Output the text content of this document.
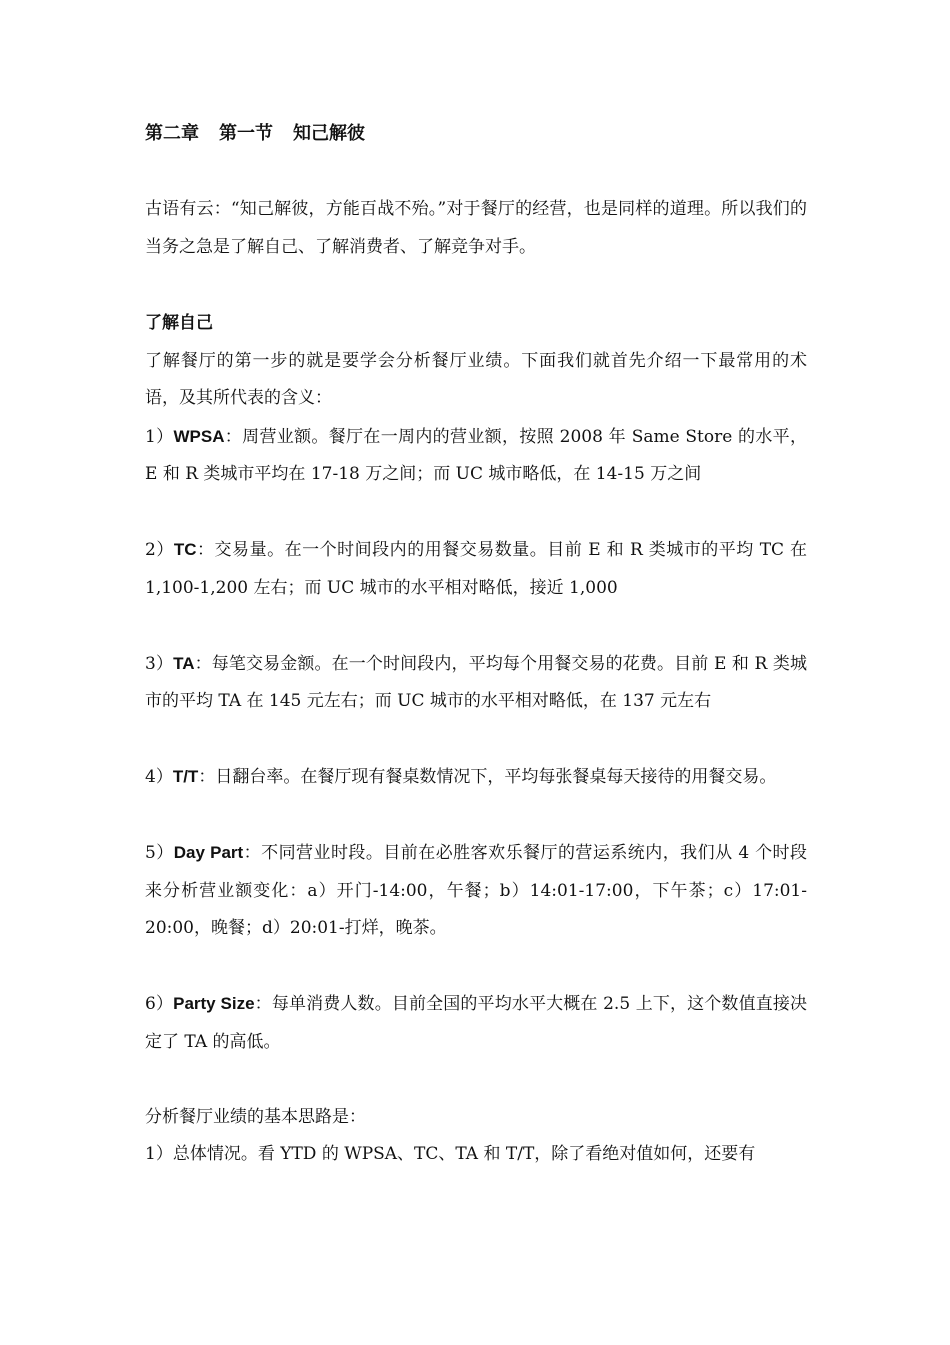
第二章 第一节 知己解彼

古语有云：“知己解彼，方能百战不殆。”对于餐厅的经营，也是同样的道理。所以我们的当务之急是了解自己、了解消费者、了解竞争对手。

了解自己

了解餐厅的第一步的就是要学会分析餐厅业绩。下面我们就首先介绍一下最常用的术语，及其所代表的含义：

1）WPSA：周营业额。餐厅在一周内的营业额，按照 2008 年 Same Store 的水平，E 和 R 类城市平均在 17-18 万之间；而 UC 城市略低，在 14-15 万之间

2）TC：交易量。在一个时间段内的用餐交易数量。目前 E 和 R 类城市的平均 TC 在 1,100-1,200 左右；而 UC 城市的水平相对略低，接近 1,000

3）TA：每笔交易金额。在一个时间段内，平均每个用餐交易的花费。目前 E 和 R 类城市的平均 TA 在 145 元左右；而 UC 城市的水平相对略低，在 137 元左右

4）T/T：日翻台率。在餐厅现有餐桌数情况下，平均每张餐桌每天接待的用餐交易。

5）Day Part：不同营业时段。目前在必胜客欢乐餐厅的营运系统内，我们从 4 个时段来分析营业额变化：a）开门-14:00，午餐；b）14:01-17:00，下午茶；c）17:01-20:00，晚餐；d）20:01-打烊，晚茶。

6）Party Size：每单消费人数。目前全国的平均水平大概在 2.5 上下，这个数值直接决定了 TA 的高低。

分析餐厅业绩的基本思路是：

1）总体情况。看 YTD 的 WPSA、TC、TA 和 T/T，除了看绝对值如何，还要有
